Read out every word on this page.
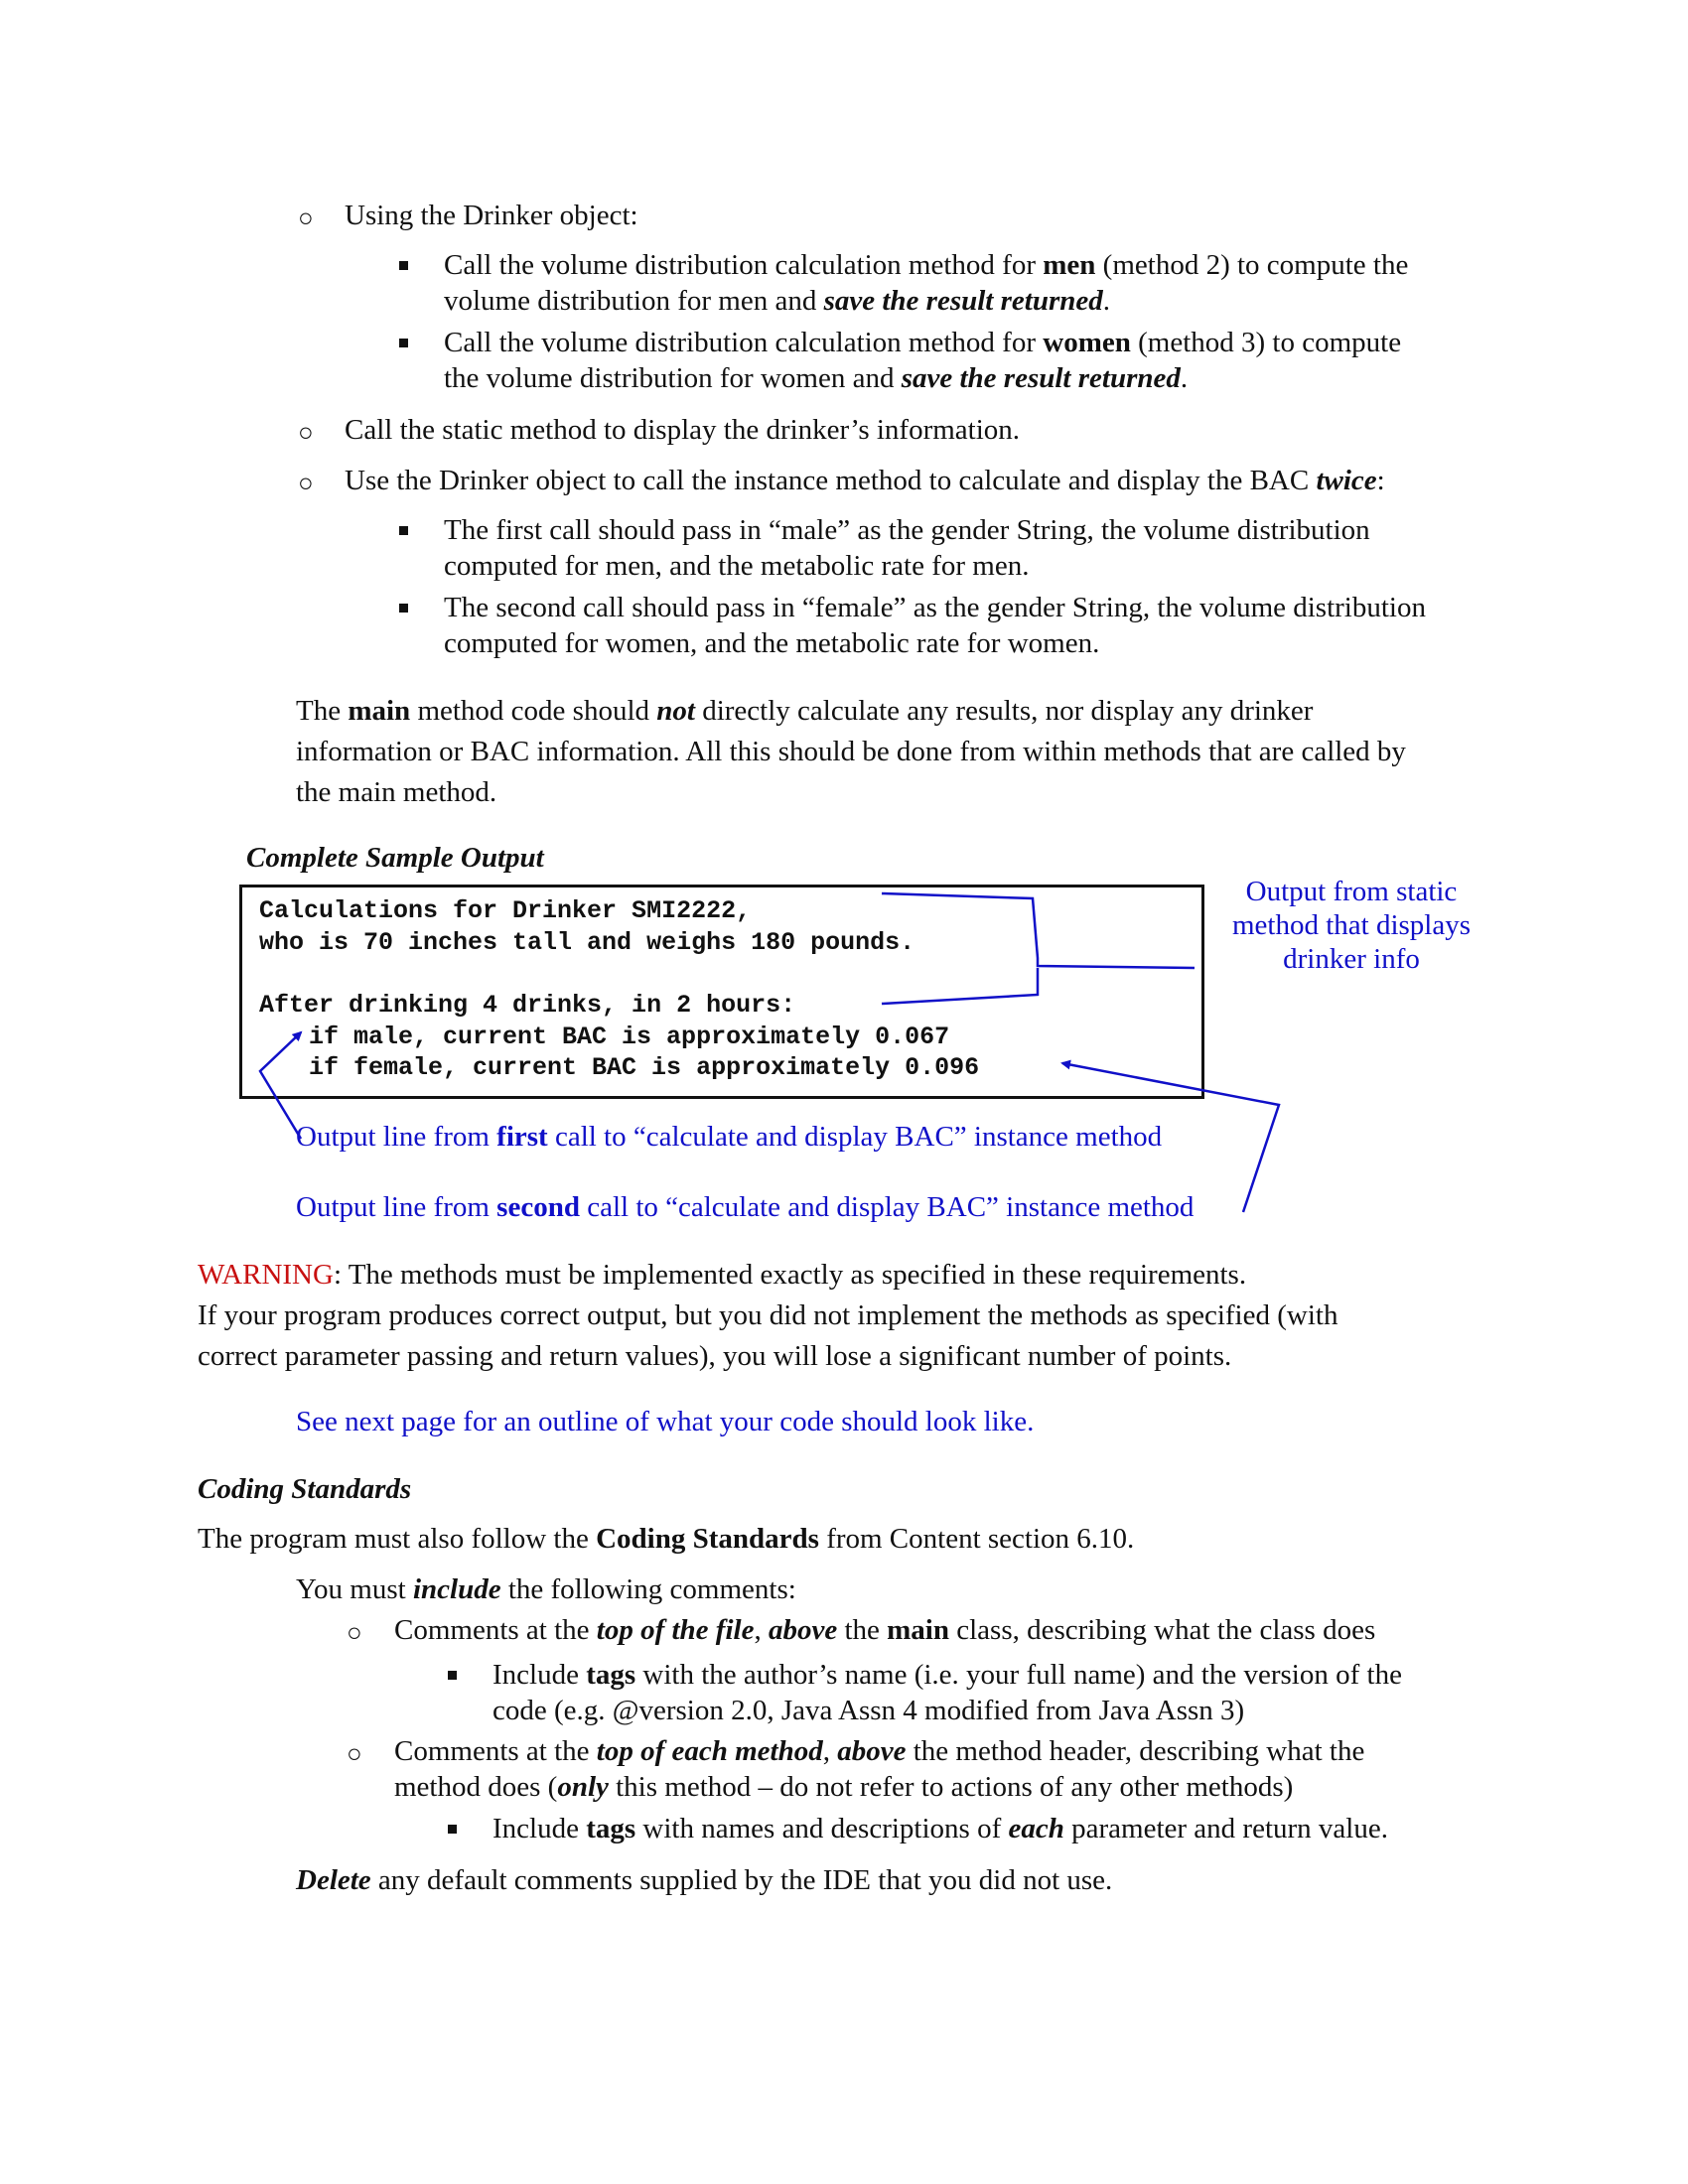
○ Using the Drinker object:
Call the volume distribution calculation method for men (method 2) to compute the
volume distribution for men and save the result returned.
Call the volume distribution calculation method for women (method 3) to compute
the volume distribution for women and save the result returned.
○ Call the static method to display the drinker’s information.
○ Use the Drinker object to call the instance method to calculate and display the BAC twice:
The first call should pass in “male” as the gender String, the volume distribution
computed for men, and the metabolic rate for men.
The second call should pass in “female” as the gender String, the volume distribution
computed for women, and the metabolic rate for women.
The main method code should not directly calculate any results, nor display any drinker
information or BAC information. All this should be done from within methods that are called by
the main method.
Complete Sample Output
Calculations for Drinker SMI2222,
who is 70 inches tall and weighs 180 pounds.
After drinking 4 drinks, in 2 hours:
if male, current BAC is approximately 0.067
if female, current BAC is approximately 0.096
Output from static
method that displays
drinker info
Output line from first call to “calculate and display BAC” instance method
Output line from second call to “calculate and display BAC” instance method
WARNING: The methods must be implemented exactly as specified in these requirements.
If your program produces correct output, but you did not implement the methods as specified (with
correct parameter passing and return values), you will lose a significant number of points.
See next page for an outline of what your code should look like.
Coding Standards
The program must also follow the Coding Standards from Content section 6.10.
You must include the following comments:
○ Comments at the top of the file, above the main class, describing what the class does
Include tags with the author’s name (i.e. your full name) and the version of the
code (e.g. @version 2.0, Java Assn 4 modified from Java Assn 3)
○ Comments at the top of each method, above the method header, describing what the
method does (only this method – do not refer to actions of any other methods)
Include tags with names and descriptions of each parameter and return value.
Delete any default comments supplied by the IDE that you did not use.
